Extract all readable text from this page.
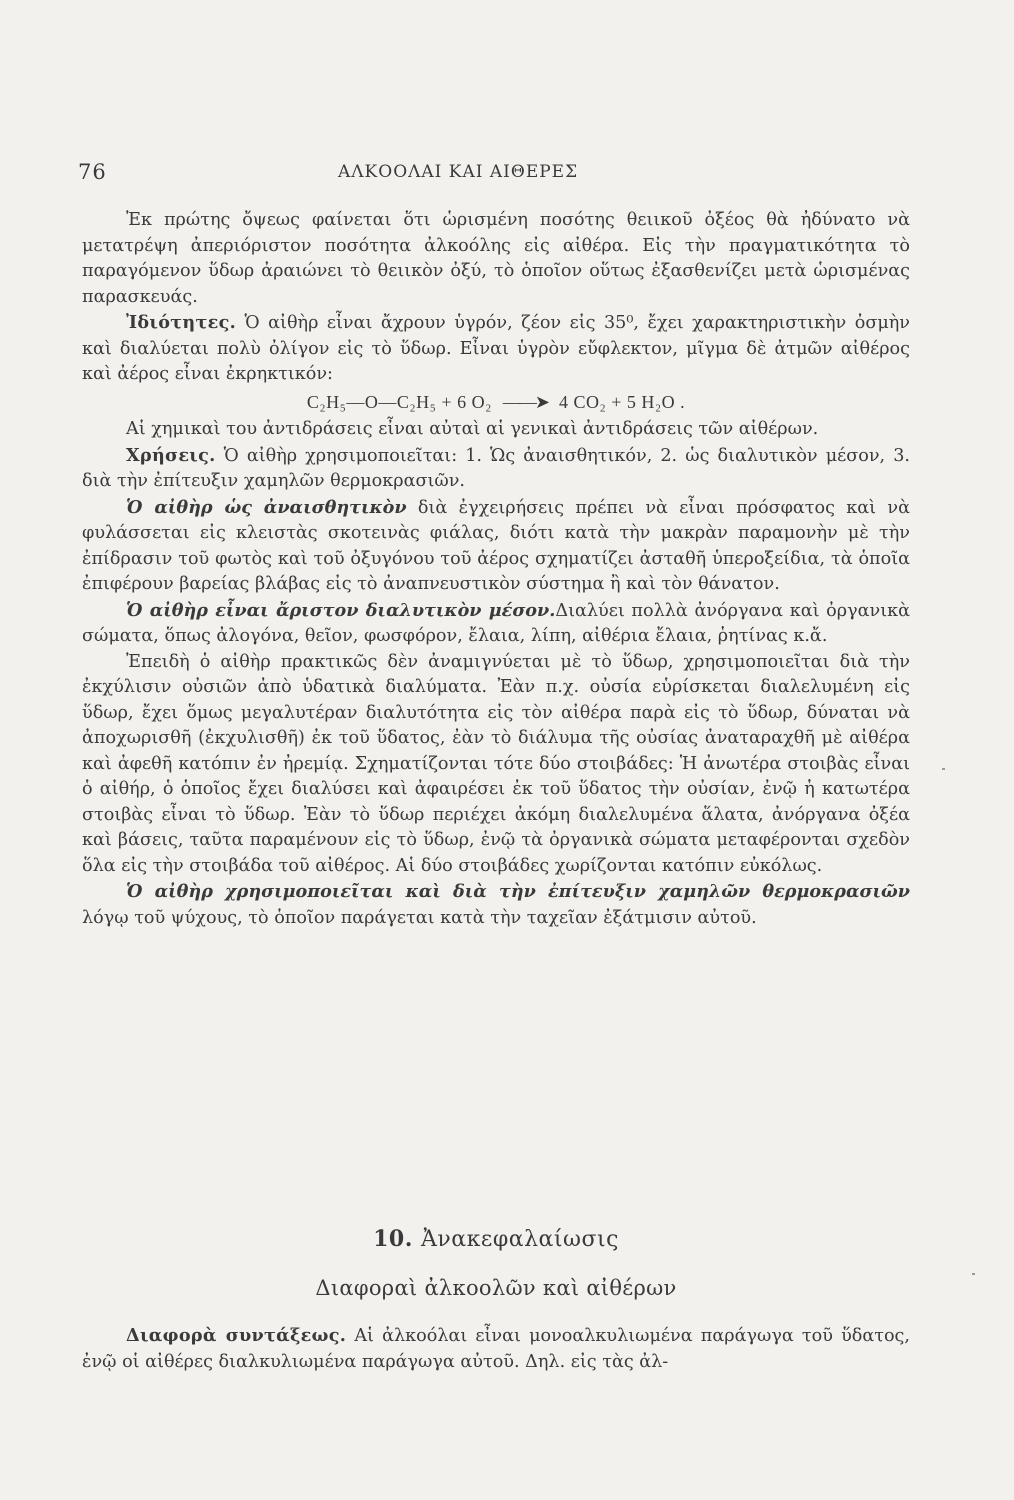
76	ΑΛΚΟΟΛΑΙ ΚΑΙ ΑΙΘΕΡΕΣ

Ἐκ πρώτης ὄψεως φαίνεται ὅτι ὡρισμένη ποσότης θειικοῦ ὀξέος θὰ ἠδύνατο νὰ μετατρέψη ἀπεριόριστον ποσότητα ἀλκοόλης εἰς αἰθέρα. Εἰς τὴν πραγματικότητα τὸ παραγόμενον ὕδωρ ἀραιώνει τὸ θειικὸν ὀξύ, τὸ ὁποῖον οὕτως ἐξασθενίζει μετὰ ὡρισμένας παρασκευάς.

Ἰδιότητες. Ὁ αἰθὴρ εἶναι ἄχρουν ὑγρόν, ζέον εἰς 35⁰, ἔχει χαρακτηριστικὴν ὀσμὴν καὶ διαλύεται πολὺ ὀλίγον εἰς τὸ ὕδωρ. Εἶναι ὑγρὸν εὔφλεκτον, μῖγμα δὲ ἀτμῶν αἰθέρος καὶ ἀέρος εἶναι ἐκρηκτικόν:

C₂H₅—O—C₂H₅ + 6 O₂ ——➤ 4 CO₂ + 5 H₂O .

Αἱ χημικαὶ του ἀντιδράσεις εἶναι αὐταὶ αἱ γενικαὶ ἀντιδράσεις τῶν αἰθέρων.

Χρήσεις. Ὁ αἰθὴρ χρησιμοποιεῖται: 1. Ὡς ἀναισθητικόν, 2. ὡς διαλυτικὸν μέσον, 3. διὰ τὴν ἐπίτευξιν χαμηλῶν θερμοκρασιῶν.

Ὁ αἰθὴρ ὡς ἀναισθητικὸν διὰ ἐγχειρήσεις πρέπει νὰ εἶναι πρόσφατος καὶ νὰ φυλάσσεται εἰς κλειστὰς σκοτεινὰς φιάλας, διότι κατὰ τὴν μακρὰν παραμονὴν μὲ τὴν ἐπίδρασιν τοῦ φωτὸς καὶ τοῦ ὀξυγόνου τοῦ ἀέρος σχηματίζει ἀσταθῆ ὑπεροξείδια, τὰ ὁποῖα ἐπιφέρουν βαρείας βλάβας εἰς τὸ ἀναπνευστικὸν σύστημα ἢ καὶ τὸν θάνατον.

Ὁ αἰθὴρ εἶναι ἄριστον διαλυτικὸν μέσον.Διαλύει πολλὰ ἀνόργανα καὶ ὀργανικὰ σώματα, ὅπως ἀλογόνα, θεῖον, φωσφόρον, ἔλαια, λίπη, αἰθέρια ἔλαια, ῥητίνας κ.ἄ.

Ἐπειδὴ ὁ αἰθὴρ πρακτικῶς δὲν ἀναμιγνύεται μὲ τὸ ὕδωρ, χρησιμοποιεῖται διὰ τὴν ἐκχύλισιν οὐσιῶν ἀπὸ ὑδατικὰ διαλύματα. Ἐὰν π.χ. οὐσία εὑρίσκεται διαλελυμένη εἰς ὕδωρ, ἔχει ὅμως μεγαλυτέραν διαλυτότητα εἰς τὸν αἰθέρα παρὰ εἰς τὸ ὕδωρ, δύναται νὰ ἀποχωρισθῆ (ἐκχυλισθῆ) ἐκ τοῦ ὕδατος, ἐὰν τὸ διάλυμα τῆς οὐσίας ἀναταραχθῆ μὲ αἰθέρα καὶ ἀφεθῆ κατόπιν ἐν ἠρεμίᾳ. Σχηματίζονται τότε δύο στοιβάδες: Ἡ ἀνωτέρα στοιβὰς εἶναι ὁ αἰθήρ, ὁ ὁποῖος ἔχει διαλύσει καὶ ἀφαιρέσει ἐκ τοῦ ὕδατος τὴν οὐσίαν, ἐνῷ ἡ κατωτέρα στοιβὰς εἶναι τὸ ὕδωρ. Ἐὰν τὸ ὕδωρ περιέχει ἀκόμη διαλελυμένα ἅλατα, ἀνόργανα ὀξέα καὶ βάσεις, ταῦτα παραμένουν εἰς τὸ ὕδωρ, ἐνῷ τὰ ὀργανικὰ σώματα μεταφέρονται σχεδὸν ὅλα εἰς τὴν στοιβάδα τοῦ αἰθέρος. Αἱ δύο στοιβάδες χωρίζονται κατόπιν εὐκόλως.

Ὁ αἰθὴρ χρησιμοποιεῖται καὶ διὰ τὴν ἐπίτευξιν χαμηλῶν θερμοκρασιῶν λόγῳ τοῦ ψύχους, τὸ ὁποῖον παράγεται κατὰ τὴν ταχεῖαν ἐξάτμισιν αὐτοῦ.

10. Ἀνακεφαλαίωσις
Διαφοραὶ ἀλκοολῶν καὶ αἰθέρων

Διαφορὰ συντάξεως. Αἱ ἀλκοόλαι εἶναι μονοαλκυλιωμένα παράγωγα τοῦ ὕδατος, ἐνῷ οἱ αἰθέρες διαλκυλιωμένα παράγωγα αὐτοῦ. Δηλ. εἰς τὰς ἀλ-
